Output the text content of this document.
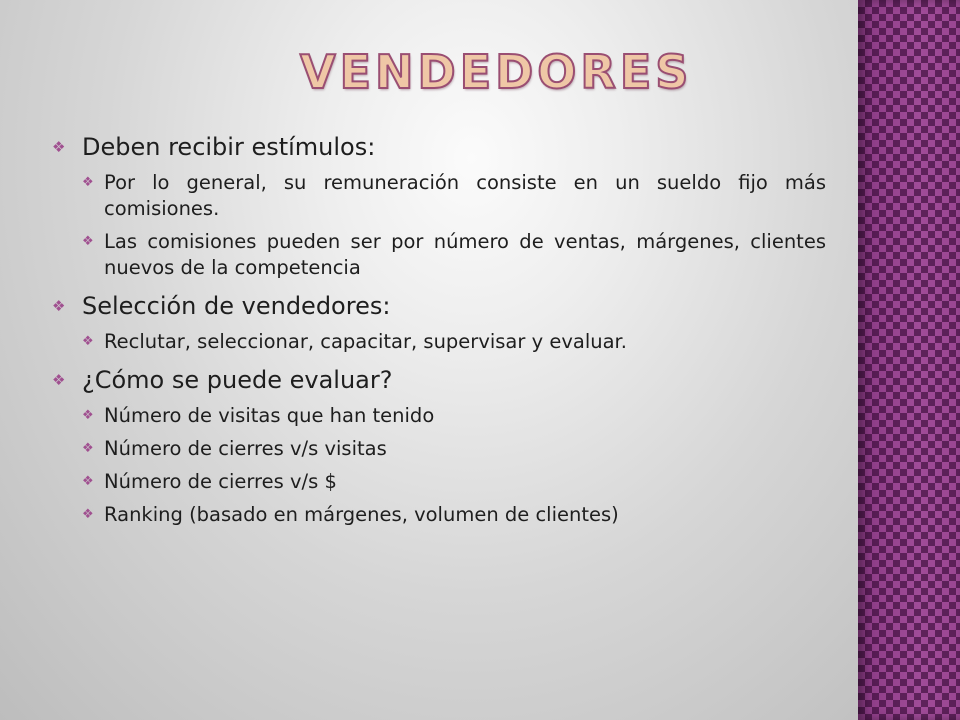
VENDEDORES
❖ Deben recibir estímulos:
❖ Por lo general, su remuneración consiste en un sueldo fijo más comisiones.
❖ Las comisiones pueden ser por número de ventas, márgenes, clientes nuevos de la competencia
❖ Selección de vendedores:
❖ Reclutar, seleccionar, capacitar, supervisar y evaluar.
❖ ¿Cómo se puede evaluar?
❖ Número de visitas que han tenido
❖ Número de cierres v/s visitas
❖ Número de cierres v/s $
❖ Ranking (basado en márgenes, volumen de clientes)
